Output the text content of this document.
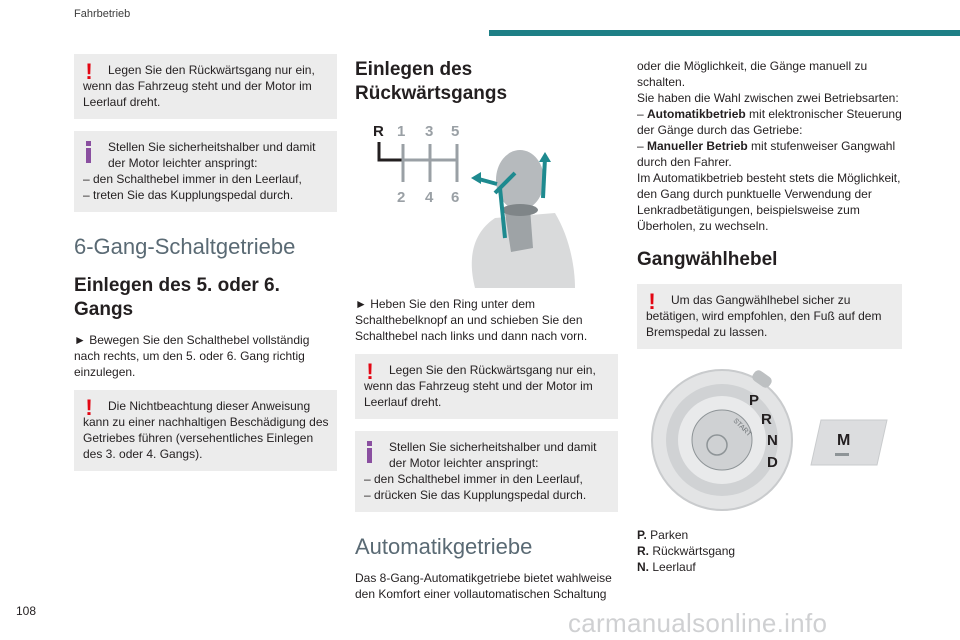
Fahrbetrieb
! Legen Sie den Rückwärtsgang nur ein, wenn das Fahrzeug steht und der Motor im Leerlauf dreht.
Stellen Sie sicherheitshalber und damit der Motor leichter anspringt:
– den Schalthebel immer in den Leerlauf,
– treten Sie das Kupplungspedal durch.
6-Gang-Schaltgetriebe
Einlegen des 5. oder 6. Gangs
► Bewegen Sie den Schalthebel vollständig nach rechts, um den 5. oder 6. Gang richtig einzulegen.
! Die Nichtbeachtung dieser Anweisung kann zu einer nachhaltigen Beschädigung des Getriebes führen (versehentliches Einlegen des 3. oder 4. Gangs).
Einlegen des Rückwärtsgangs
R 1 3 5
2 4 6
► Heben Sie den Ring unter dem Schalthebelknopf an und schieben Sie den Schalthebel nach links und dann nach vorn.
! Legen Sie den Rückwärtsgang nur ein, wenn das Fahrzeug steht und der Motor im Leerlauf dreht.
Stellen Sie sicherheitshalber und damit der Motor leichter anspringt:
– den Schalthebel immer in den Leerlauf,
– drücken Sie das Kupplungspedal durch.
Automatikgetriebe
Das 8-Gang-Automatikgetriebe bietet wahlweise den Komfort einer vollautomatischen Schaltung
oder die Möglichkeit, die Gänge manuell zu schalten.
Sie haben die Wahl zwischen zwei Betriebsarten:
– Automatikbetrieb mit elektronischer Steuerung der Gänge durch das Getriebe:
– Manueller Betrieb mit stufenweiser Gangwahl durch den Fahrer.
Im Automatikbetrieb besteht stets die Möglichkeit, den Gang durch punktuelle Verwendung der Lenkradbetätigungen, beispielsweise zum Überholen, zu wechseln.
Gangwählhebel
! Um das Gangwählhebel sicher zu betätigen, wird empfohlen, den Fuß auf dem Bremspedal zu lassen.
START
P
R
N
D
M
P. Parken
R. Rückwärtsgang
N. Leerlauf
108	carmanualsonline.info
